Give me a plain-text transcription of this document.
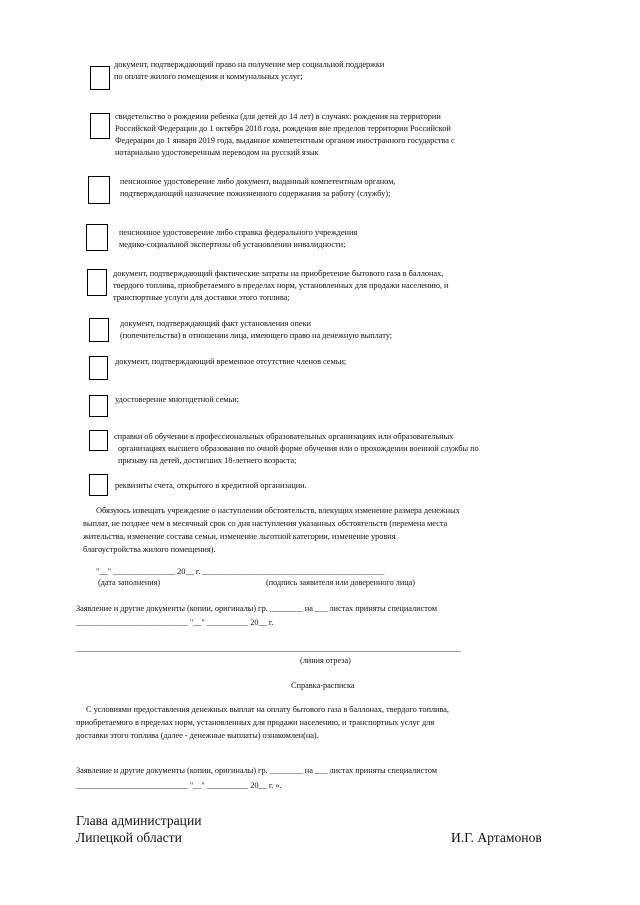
документ, подтверждающий право на получение мер социальной поддержки
по оплате жилого помещения и коммунальных услуг;
свидетельство о рождении ребенка (для детей до 14 лет) в случаях: рождения на территории
Российской Федерации до 1 октября 2018 года, рождения вне пределов территории Российской
Федерации до 1 января 2019 года, выданное компетентным органом иностранного государства с
нотариально удостоверенным переводом на русский язык
пенсионное удостоверение либо документ, выданный компетентным органом,
подтверждающий назначение пожизненного содержания за работу (службу);
пенсионное удостоверение либо справка федерального учреждения
медико-социальной экспертизы об установлении инвалидности;
документ, подтверждающий фактические затраты на приобретение бытового газа в баллонах,
твердого топлива, приобретаемого в пределах норм, установленных для продажи населению, и
транспортные услуги для доставки этого топлива;
документ, подтверждающий факт установления опеки
(попечительства) в отношении лица, имеющего право на денежную выплату;
документ, подтверждающий временное отсутствие членов семьи;
удостоверение многодетной семьи;
справки об обучении в профессиональных образовательных организациях или образовательных
организациях высшего образования по очной форме обучения или о прохождении военной службы по
призыву на детей, достигших 18-летнего возраста;
реквизиты счета, открытого в кредитной организации.
Обязуюсь извещать учреждение о наступлении обстоятельств, влекущих изменение размера денежных
выплат, не позднее чем в месячный срок со дня наступления указанных обстоятельств (перемена места
жительства, изменение состава семьи, изменение льготной категории, изменение уровня
благоустройства жилого помещения).
"__" _______________ 20__ г. ____________________________________________
(дата заполнения)	(подпись заявителя или доверенного лица)
Заявление и другие документы (копии, оригиналы) гр. ________ на ___ листах приняты специалистом
___________________________ "__" __________ 20__ г.
_____________________________________________________________________________________________
(линия отреза)
Справка-расписка
С условиями предоставления денежных выплат на оплату бытового газа в баллонах, твердого топлива,
приобретаемого в пределах норм, установленных для продажи населению, и транспортных услуг для
доставки этого топлива (далее - денежные выплаты) ознакомлен(на).
Заявление и другие документы (копии, оригиналы) гр. ________ на ___ листах приняты специалистом
___________________________ "__" __________ 20__ г. ».
Глава администрации
Липецкой области	И.Г. Артамонов
